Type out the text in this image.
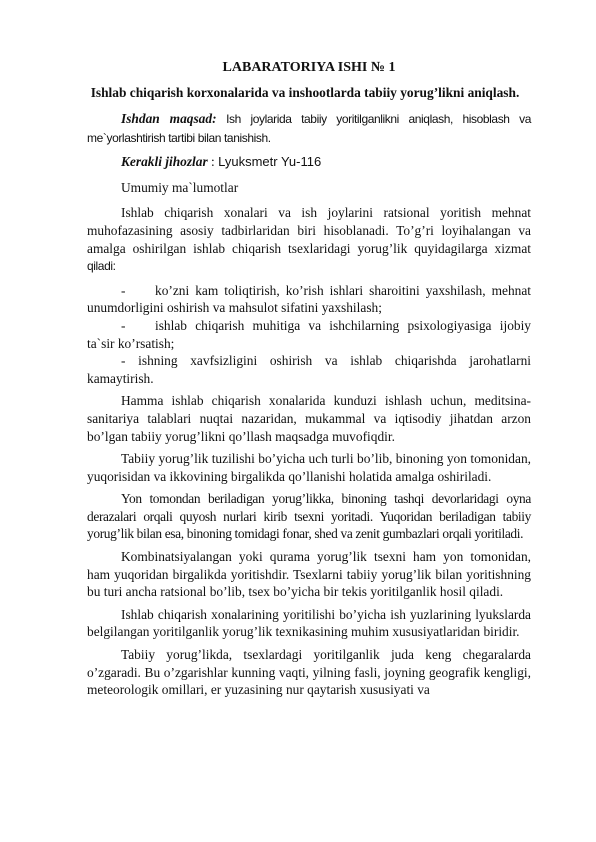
LABARATORIYA ISHI № 1
Ishlab chiqarish korxonalarida va inshootlarda tabiiy yorug’likni aniqlash.
Ishdan maqsad: Ish joylarida tabiiy yoritilganlikni aniqlash, hisoblash va me`yorlashtirish tartibi bilan tanishish.
Kerakli jihozlar : Lyuksmetr Yu-116
Umumiy ma`lumotlar
Ishlab chiqarish xonalari va ish joylarini ratsional yoritish mehnat muhofazasining asosiy tadbirlaridan biri hisoblanadi. To’g’ri loyihalangan va amalga oshirilgan ishlab chiqarish tsexlaridagi yorug’lik quyidagilarga xizmat qiladi:
- ko’zni kam toliqtirish, ko’rish ishlari sharoitini yaxshilash, mehnat unumdorligini oshirish va mahsulot sifatini yaxshilash;
- ishlab chiqarish muhitiga va ishchilarning psixologiyasiga ijobiy ta`sir ko’rsatish;
- ishning xavfsizligini oshirish va ishlab chiqarishda jarohatlarni kamaytirish.
Hamma ishlab chiqarish xonalarida kunduzi ishlash uchun, meditsina-sanitariya talablari nuqtai nazaridan, mukammal va iqtisodiy jihatdan arzon bo’lgan tabiiy yorug’likni qo’llash maqsadga muvofiqdir.
Tabiiy yorug’lik tuzilishi bo’yicha uch turli bo’lib, binoning yon tomonidan, yuqorisidan va ikkovining birgalikda qo’llanishi holatida amalga oshiriladi.
Yon tomondan beriladigan yorug’likka, binoning tashqi devorlaridagi oyna derazalari orqali quyosh nurlari kirib tsexni yoritadi. Yuqoridan beriladigan tabiiy yorug’lik bilan esa, binoning tomidagi fonar, shed va zenit gumbazlari orqali yoritiladi.
Kombinatsiyalangan yoki qurama yorug’lik tsexni ham yon tomonidan, ham yuqoridan birgalikda yoritishdir. Tsexlarni tabiiy yorug’lik bilan yoritishning bu turi ancha ratsional bo’lib, tsex bo’yicha bir tekis yoritilganlik hosil qiladi.
Ishlab chiqarish xonalarining yoritilishi bo’yicha ish yuzlarining lyukslarda belgilangan yoritilganlik yorug’lik texnikasining muhim xususiyatlaridan biridir.
Tabiiy yorug’likda, tsexlardagi yoritilganlik juda keng chegaralarda o’zgaradi. Bu o’zgarishlar kunning vaqti, yilning fasli, joyning geografik kengligi, meteorologik omillari, er yuzasining nur qaytarish xususiyati va
